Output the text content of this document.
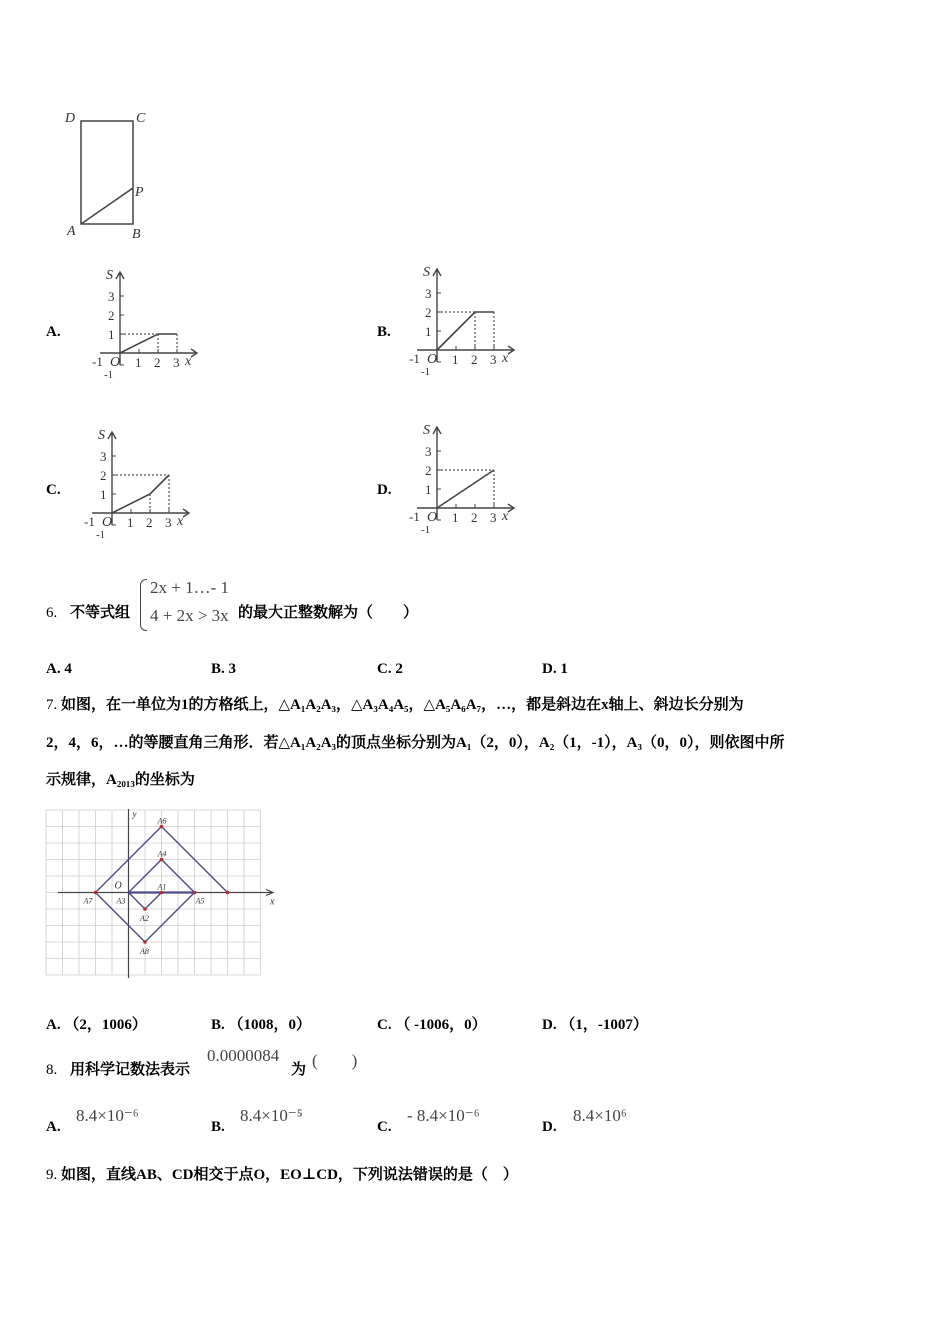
D	C
P
A	B
A.
S
3
2
1
-1 O 1 2 3 x
-1
B.
S
3
2
1
-1 O 1 2 3 x
-1
C.
S
3
2
1
-1 O 1 2 3 x
-1
D.
S
3
2
1
-1 O 1 2 3 x
-1
6. 不等式组
2x + 1…- 1
4 + 2x > 3x 的最大正整数解为（　　）
A. 4	B. 3	C. 2	D. 1
7. 如图，在一单位为1的方格纸上，△A₁A₂A₃，△A₃A₄A₅，△A₅A₆A₇，…，都是斜边在x轴上、斜边长分别为
2，4，6，…的等腰直角三角形．若△A₁A₂A₃的顶点坐标分别为A₁（2，0），A₂（1，-1），A₃（0，0），则依图中所
示规律，A₂₀₁₃的坐标为
y
A6
A4
O	A1
A7	A3	A5	x
A2
A8
A. （2，1006）	B. （1008，0）	C. （ -1006，0）	D. （1，-1007）
8. 用科学记数法表示
0.0000084
为 (　　)
A.
8.4×10⁻⁶
B.
8.4×10⁻⁵
C.
- 8.4×10⁻⁶
D.
8.4×10⁶
9. 如图，直线AB、CD相交于点O，EO⊥CD，下列说法错误的是（　）
